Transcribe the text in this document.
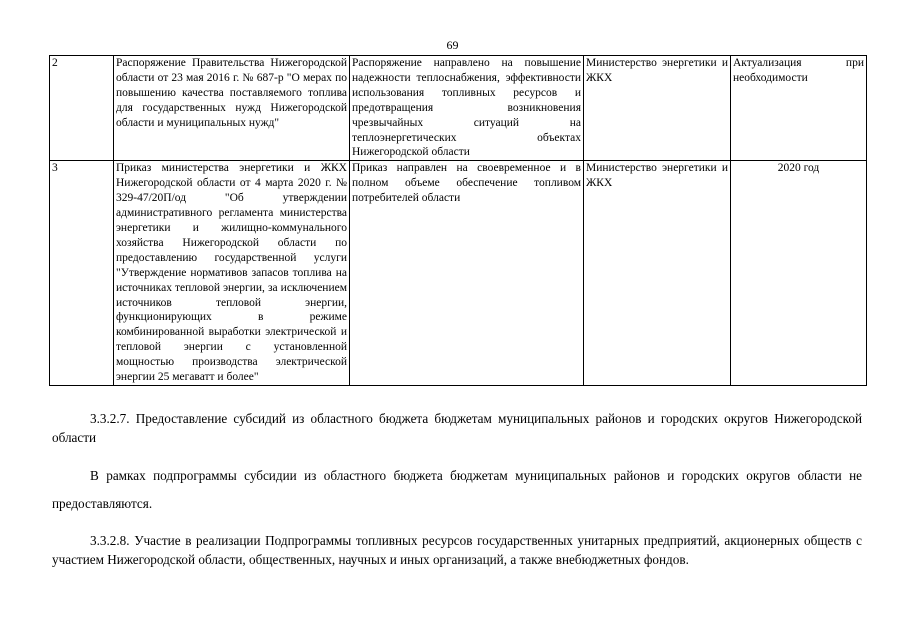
69
2	Распоряжение Правительства Нижегородской области от 23 мая 2016 г. № 687-р "О мерах по повышению качества поставляемого топлива для государственных нужд Нижегородской области и муниципальных нужд"	Распоряжение направлено на повышение надежности теплоснабжения, эффективности использования топливных ресурсов и предотвращения возникновения чрезвычайных ситуаций на теплоэнергетических объектах Нижегородской области	Министерство энергетики и ЖКХ	Актуализация при необходимости
3	Приказ министерства энергетики и ЖКХ Нижегородской области от 4 марта 2020 г. № 329-47/20П/од "Об утверждении административного регламента министерства энергетики и жилищно-коммунального хозяйства Нижегородской области по предоставлению государственной услуги "Утверждение нормативов запасов топлива на источниках тепловой энергии, за исключением источников тепловой энергии, функционирующих в режиме комбинированной выработки электрической и тепловой энергии с установленной мощностью производства электрической энергии 25 мегаватт и более"	Приказ направлен на своевременное и в полном объеме обеспечение топливом потребителей области	Министерство энергетики и ЖКХ	2020 год
3.3.2.7. Предоставление субсидий из областного бюджета бюджетам муниципальных районов и городских округов Нижегородской области
В рамках подпрограммы субсидии из областного бюджета бюджетам муниципальных районов и городских округов области не предоставляются.
3.3.2.8. Участие в реализации Подпрограммы топливных ресурсов государственных унитарных предприятий, акционерных обществ с участием Нижегородской области, общественных, научных и иных организаций, а также внебюджетных фондов.
